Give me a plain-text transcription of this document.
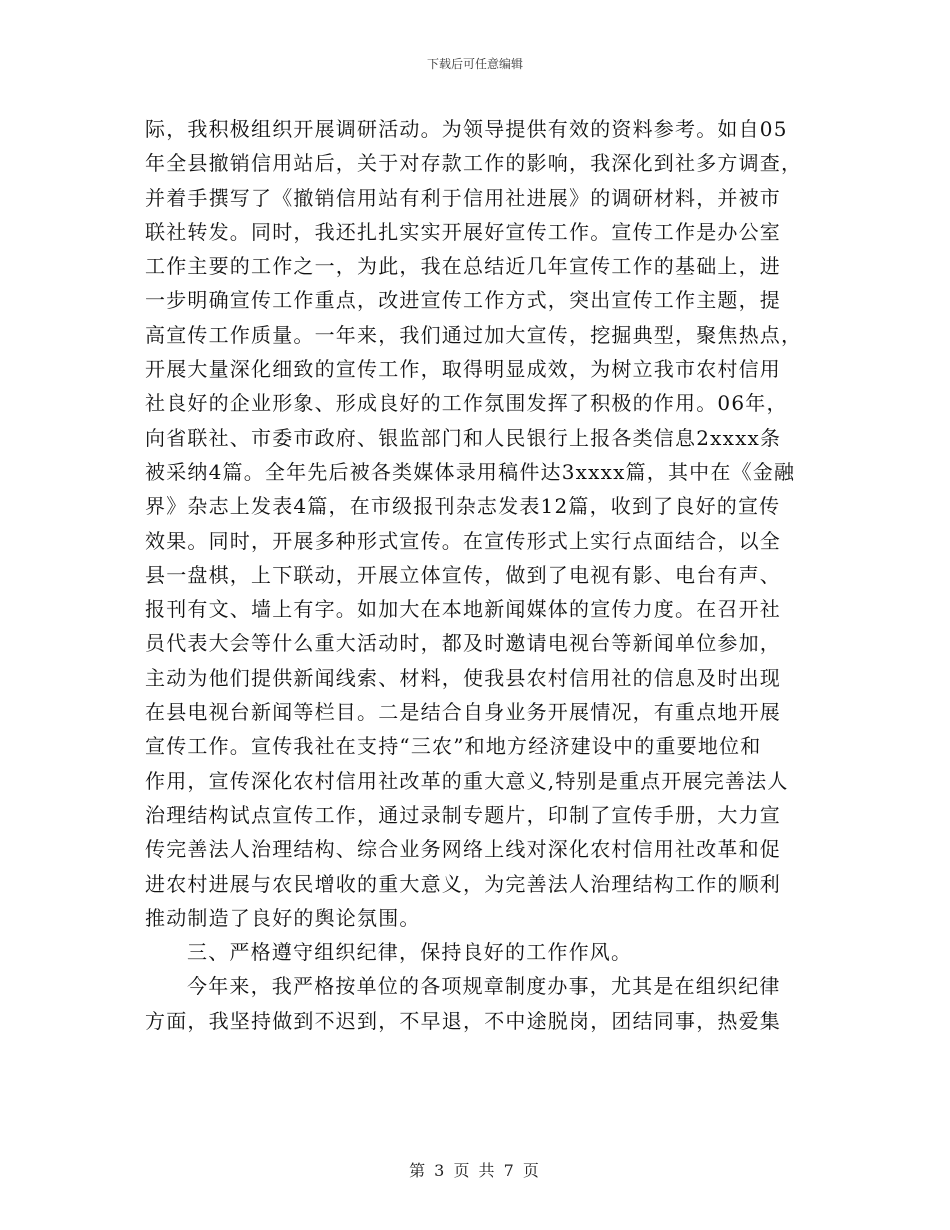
下载后可任意编辑
际，我积极组织开展调研活动。为领导提供有效的资料参考。如自05
年全县撤销信用站后，关于对存款工作的影响，我深化到社多方调查，
并着手撰写了《撤销信用站有利于信用社进展》的调研材料，并被市
联社转发。同时，我还扎扎实实开展好宣传工作。宣传工作是办公室
工作主要的工作之一，为此，我在总结近几年宣传工作的基础上，进
一步明确宣传工作重点，改进宣传工作方式，突出宣传工作主题，提
高宣传工作质量。一年来，我们通过加大宣传，挖掘典型，聚焦热点，
开展大量深化细致的宣传工作，取得明显成效，为树立我市农村信用
社良好的企业形象、形成良好的工作氛围发挥了积极的作用。06年，
向省联社、市委市政府、银监部门和人民银行上报各类信息2xxxx条
被采纳4篇。全年先后被各类媒体录用稿件达3xxxx篇，其中在《金融
界》杂志上发表4篇，在市级报刊杂志发表12篇，收到了良好的宣传
效果。同时，开展多种形式宣传。在宣传形式上实行点面结合，以全
县一盘棋，上下联动，开展立体宣传，做到了电视有影、电台有声、
报刊有文、墙上有字。如加大在本地新闻媒体的宣传力度。在召开社
员代表大会等什么重大活动时，都及时邀请电视台等新闻单位参加，
主动为他们提供新闻线索、材料，使我县农村信用社的信息及时出现
在县电视台新闻等栏目。二是结合自身业务开展情况，有重点地开展
宣传工作。宣传我社在支持“三农”和地方经济建设中的重要地位和
作用，宣传深化农村信用社改革的重大意义,特别是重点开展完善法人
治理结构试点宣传工作，通过录制专题片，印制了宣传手册，大力宣
传完善法人治理结构、综合业务网络上线对深化农村信用社改革和促
进农村进展与农民增收的重大意义，为完善法人治理结构工作的顺利
推动制造了良好的舆论氛围。
三、严格遵守组织纪律，保持良好的工作作风。
今年来，我严格按单位的各项规章制度办事，尤其是在组织纪律
方面，我坚持做到不迟到，不早退，不中途脱岗，团结同事，热爱集
第 3 页 共 7 页
